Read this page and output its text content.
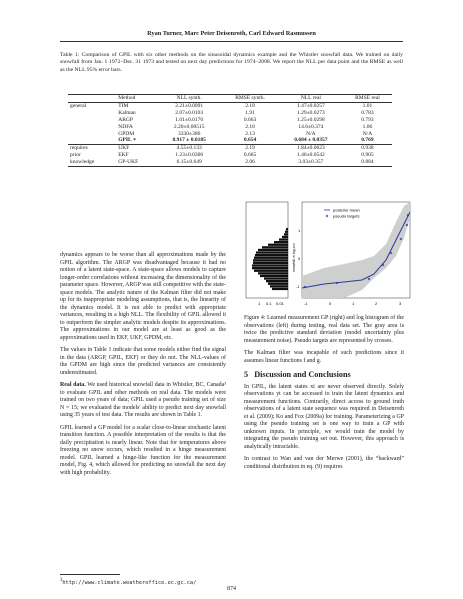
Ryan Turner, Marc Peter Deisenroth, Carl Edward Rasmussen
Table 1: Comparison of GPIL with six other methods on the sinusoidal dynamics example and the Whistler snowfall data. We trained on daily snowfall from Jan. 1 1972–Dec. 31 1973 and tested on next day predictions for 1974–2008. We report the NLL per data point and the RMSE as well as the NLL 95% error bars.
	Method	NLL synth.	RMSE synth.	NLL real	RMSE real
general	TIM	2.21±0.0091	2.18	1.47±0.0257	1.01
	Kalman	2.07±0.0103	1.91	1.29±0.0273	0.783
	ARGP	1.01±0.0170	0.663	1.25±0.0298	0.793
	NDFA	2.20±0.00515	2.18	14.6±0.374	1.06
	GPDM	3330±386	2.13	N/A	N/A
	GPIL ∗	0.917 ± 0.0185	0.654	0.684 ± 0.0357	0.769
requires	UKF	4.55±0.133	2.19	1.84±0.0623	0.938
prior	EKF	1.23±0.0306	0.665	1.46±0.0542	0.905
knowledge	GP-UKF	6.15±0.649	2.06	3.03±0.357	0.884

dynamics appears to be worse than all approximations made by the GPIL algorithm. The ARGP was disadvantaged because it had no notion of a latent state-space. A state-space allows models to capture longer-order correlations without increasing the dimensionality of the parameter space. However, ARGP was still competitive with the state-space models. The analytic nature of the Kalman filter did not make up for its inappropriate modeling assumptions, that is, the linearity of the dynamics model. It is not able to predict with appropriate variances, resulting in a high NLL. The flexibility of GPIL allowed it to outperform the simpler analytic models despite its approximations. The approximations in our model are at least as good as the approximations used in EKF, UKF, GPDM, etc.

The values in Table 1 indicate that some models either find the signal in the data (ARGP, GPIL, EKF) or they do not. The NLL-values of the GPDM are high since the predicted variances are consistently underestimated.

Real data. We used historical snowfall data in Whistler, BC, Canada³ to evaluate GPIL and other methods on real data. The models were trained on two years of data; GPIL used a pseudo training set of size N = 15; we evaluated the models' ability to predict next day snowfall using 35 years of test data. The results are shown in Table 1.

GPIL learned a GP model for a scalar close-to-linear stochastic latent transition function. A possible interpretation of the results is that the daily precipitation is nearly linear. Note that for temperatures above freezing no snow occurs, which resulted in a hinge measurement model. GPIL learned a hinge-like function for the measurement model, Fig. 4, which allowed for predicting no snowfall the next day with high probability.

$^3$http://www.climate.weatheroffice.ec.gc.ca/
1 0.1 0.01
posterior mean
pseudo targets
-1	0	1	2	3
1
0
-1
snowfall in log-cm

Figure 4: Learned measurement GP (right) and log histogram of the observations (left) during testing, real data set. The gray area is twice the predictive standard deviation (model uncertainty plus measurement noise). Pseudo targets are represented by crosses.

The Kalman filter was incapable of such predictions since it assumes linear functions f and g.

5 Discussion and Conclusions

In GPIL, the latent states xt are never observed directly. Solely observations yt can be accessed to train the latent dynamics and measurement functions. Contrarily, direct access to ground truth observations of a latent state sequence was required in Deisenroth et al. (2009); Ko and Fox (2009a) for training. Parameterizing a GP using the pseudo training set is one way to train a GP with unknown inputs. In principle, we would train the model by integrating the pseudo training set out. However, this approach is analytically intractable.

In contrast to Wan and van der Merwe (2001), the “backward” conditional distribution in eq. (9) requires

874
